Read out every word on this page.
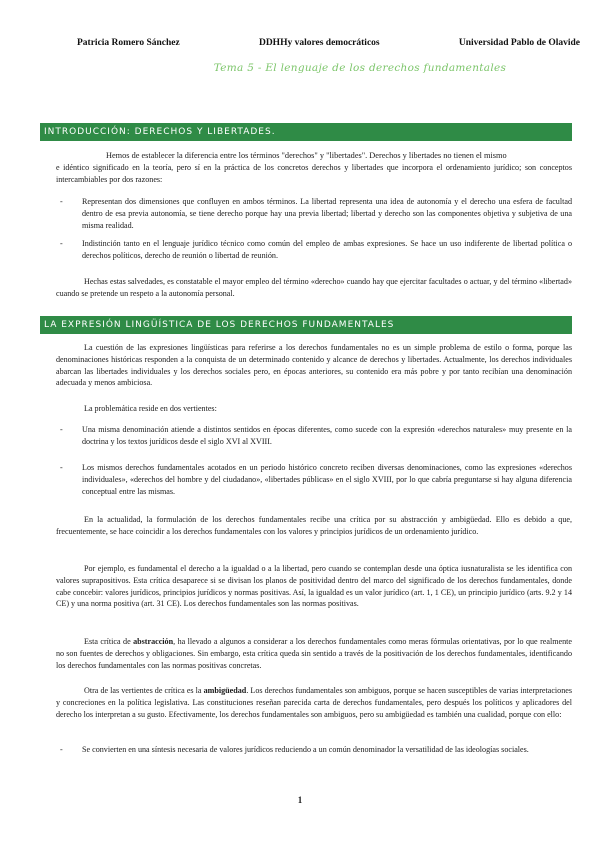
Patricia Romero Sánchez	DDHHy valores democráticos	Universidad Pablo de Olavide
Tema 5 - El lenguaje de los derechos fundamentales
INTRODUCCIÓN: DERECHOS Y LIBERTADES.
Hemos de establecer la diferencia entre los términos "derechos" y "libertades". Derechos y libertades no tienen el mismo
e idéntico significado en la teoría, pero sí en la práctica de los concretos derechos y libertades que incorpora el ordenamiento jurídico; son conceptos intercambiables por dos razones:
- Representan dos dimensiones que confluyen en ambos términos. La libertad representa una idea de autonomía y el derecho una esfera de facultad dentro de esa previa autonomía, se tiene derecho porque hay una previa libertad; libertad y derecho son las componentes objetiva y subjetiva de una misma realidad.
- Indistinción tanto en el lenguaje jurídico técnico como común del empleo de ambas expresiones. Se hace un uso indiferente de libertad política o derechos políticos, derecho de reunión o libertad de reunión.
Hechas estas salvedades, es constatable el mayor empleo del término «derecho» cuando hay que ejercitar facultades o actuar, y del término «libertad» cuando se pretende un respeto a la autonomía personal.
LA EXPRESIÓN LINGÜÍSTICA DE LOS DERECHOS FUNDAMENTALES
La cuestión de las expresiones lingüísticas para referirse a los derechos fundamentales no es un simple problema de estilo o forma, porque las denominaciones históricas responden a la conquista de un determinado contenido y alcance de derechos y libertades. Actualmente, los derechos individuales abarcan las libertades individuales y los derechos sociales pero, en épocas anteriores, su contenido era más pobre y por tanto recibían una denominación adecuada y menos ambiciosa.
La problemática reside en dos vertientes:
- Una misma denominación atiende a distintos sentidos en épocas diferentes, como sucede con la expresión «derechos naturales» muy presente en la doctrina y los textos jurídicos desde el siglo XVI al XVIII.
- Los mismos derechos fundamentales acotados en un periodo histórico concreto reciben diversas denominaciones, como las expresiones «derechos individuales», «derechos del hombre y del ciudadano», «libertades públicas» en el siglo XVIII, por lo que cabría preguntarse si hay alguna diferencia conceptual entre las mismas.
En la actualidad, la formulación de los derechos fundamentales recibe una crítica por su abstracción y ambigüedad. Ello es debido a que, frecuentemente, se hace coincidir a los derechos fundamentales con los valores y principios jurídicos de un ordenamiento jurídico.
Por ejemplo, es fundamental el derecho a la igualdad o a la libertad, pero cuando se contemplan desde una óptica iusnaturalista se les identifica con valores suprapositivos. Esta crítica desaparece si se divisan los planos de positividad dentro del marco del significado de los derechos fundamentales, donde cabe concebir: valores jurídicos, principios jurídicos y normas positivas. Así, la igualdad es un valor jurídico (art. 1, 1 CE), un principio jurídico (arts. 9.2 y 14 CE) y una norma positiva (art. 31 CE). Los derechos fundamentales son las normas positivas.
Esta crítica de abstracción, ha llevado a algunos a considerar a los derechos fundamentales como meras fórmulas orientativas, por lo que realmente no son fuentes de derechos y obligaciones. Sin embargo, esta crítica queda sin sentido a través de la positivación de los derechos fundamentales, identificando los derechos fundamentales con las normas positivas concretas.
Otra de las vertientes de crítica es la ambigüedad. Los derechos fundamentales son ambiguos, porque se hacen susceptibles de varias interpretaciones y concreciones en la política legislativa. Las constituciones reseñan parecida carta de derechos fundamentales, pero después los políticos y aplicadores del derecho los interpretan a su gusto. Efectivamente, los derechos fundamentales son ambiguos, pero su ambigüedad es también una cualidad, porque con ello:
- Se convierten en una síntesis necesaria de valores jurídicos reduciendo a un común denominador la versatilidad de las ideologías sociales.
1
